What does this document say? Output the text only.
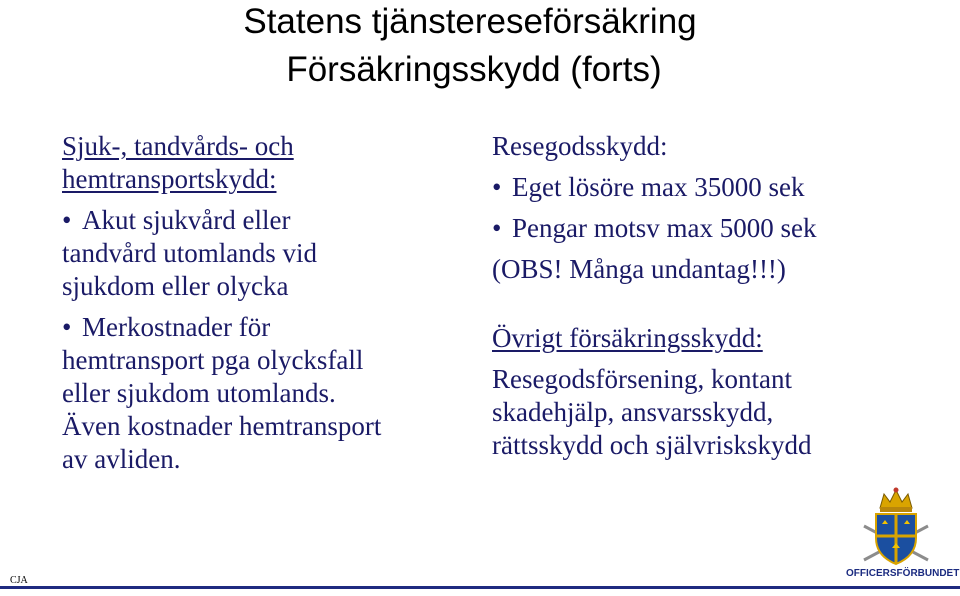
Statens tjänstereseförsäkring
Försäkringsskydd (forts)
Sjuk-, tandvårds- och
hemtransportskydd:
• Akut sjukvård eller
tandvård utomlands vid
sjukdom eller olycka
• Merkostnader för
hemtransport pga olycksfall
eller sjukdom utomlands.
Även kostnader hemtransport
av avliden.
Resegodsskydd:
• Eget lösöre max 35000 sek
• Pengar motsv max 5000 sek
(OBS! Många undantag!!!)
Övrigt försäkringsskydd:
Resegodsförsening, kontant
skadehjälp, ansvarsskydd,
rättsskydd och självriskskydd
OFFICERSFÖRBUNDET
CJA
